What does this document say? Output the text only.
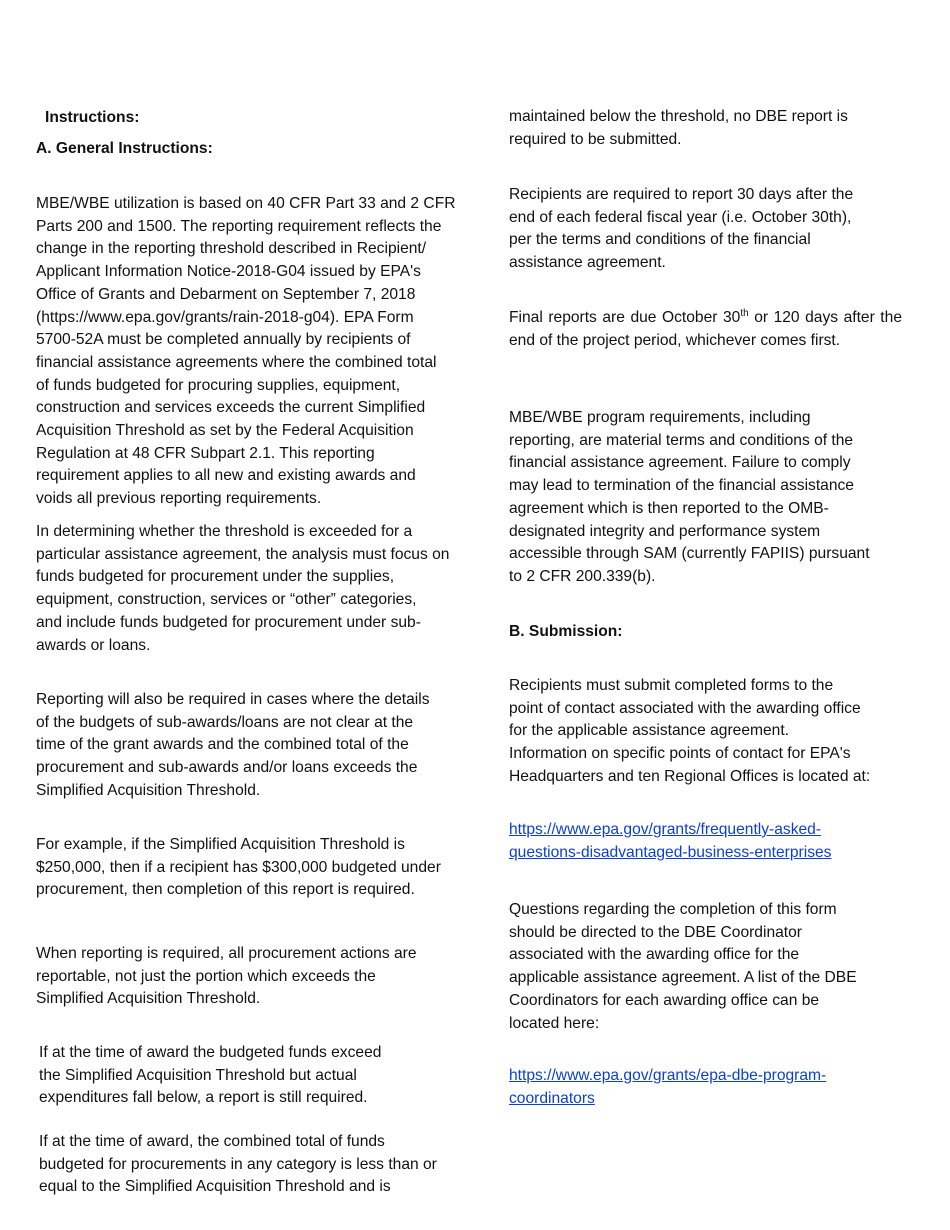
Instructions:
A. General Instructions:
MBE/WBE utilization is based on 40 CFR Part 33 and 2 CFR
Parts 200 and 1500. The reporting requirement reflects the
change in the reporting threshold described in Recipient/
Applicant Information Notice-2018-G04 issued by EPA's
Office of Grants and Debarment on September 7, 2018
(https://www.epa.gov/grants/rain-2018-g04). EPA Form
5700-52A must be completed annually by recipients of
financial assistance agreements where the combined total
of funds budgeted for procuring supplies, equipment,
construction and services exceeds the current Simplified
Acquisition Threshold as set by the Federal Acquisition
Regulation at 48 CFR Subpart 2.1. This reporting
requirement applies to all new and existing awards and
voids all previous reporting requirements.
In determining whether the threshold is exceeded for a
particular assistance agreement, the analysis must focus on
funds budgeted for procurement under the supplies,
equipment, construction, services or “other” categories,
and include funds budgeted for procurement under sub-
awards or loans.
Reporting will also be required in cases where the details
of the budgets of sub-awards/loans are not clear at the
time of the grant awards and the combined total of the
procurement and sub-awards and/or loans exceeds the
Simplified Acquisition Threshold.
For example, if the Simplified Acquisition Threshold is
$250,000, then if a recipient has $300,000 budgeted under
procurement, then completion of this report is required.
When reporting is required, all procurement actions are
reportable, not just the portion which exceeds the
Simplified Acquisition Threshold.
If at the time of award the budgeted funds exceed
the Simplified Acquisition Threshold but actual
expenditures fall below, a report is still required.
If at the time of award, the combined total of funds
budgeted for procurements in any category is less than or
equal to the Simplified Acquisition Threshold and is
maintained below the threshold, no DBE report is
required to be submitted.
Recipients are required to report 30 days after the
end of each federal fiscal year (i.e. October 30th),
per the terms and conditions of the financial
assistance agreement.
Final reports are due October 30th or 120 days after the end of the project period, whichever comes first.
MBE/WBE program requirements, including
reporting, are material terms and conditions of the
financial assistance agreement. Failure to comply
may lead to termination of the financial assistance
agreement which is then reported to the OMB-
designated integrity and performance system
accessible through SAM (currently FAPIIS) pursuant
to 2 CFR 200.339(b).
B. Submission:
Recipients must submit completed forms to the
point of contact associated with the awarding office
for the applicable assistance agreement.
Information on specific points of contact for EPA's
Headquarters and ten Regional Offices is located at:
https://www.epa.gov/grants/frequently-asked-
questions-disadvantaged-business-enterprises
Questions regarding the completion of this form
should be directed to the DBE Coordinator
associated with the awarding office for the
applicable assistance agreement. A list of the DBE
Coordinators for each awarding office can be
located here:
https://www.epa.gov/grants/epa-dbe-program-
coordinators
